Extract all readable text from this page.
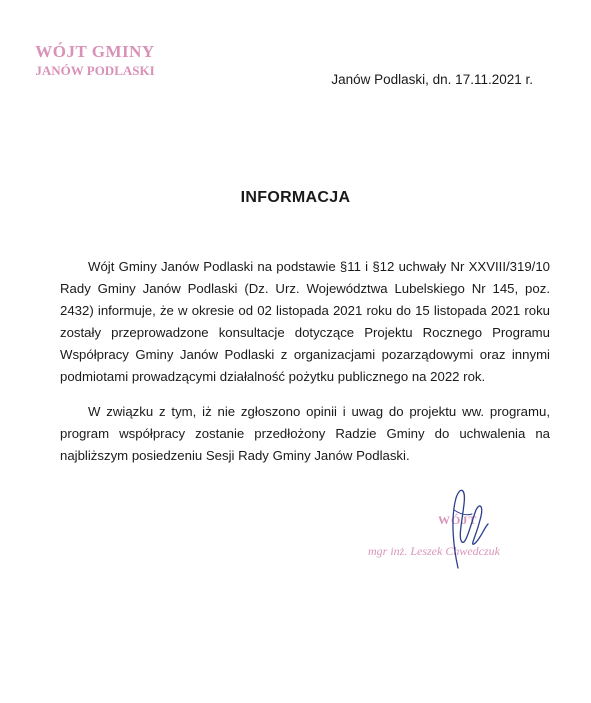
WÓJT GMINY
JANÓW PODLASKI
Janów Podlaski, dn. 17.11.2021 r.
INFORMACJA

Wójt Gminy Janów Podlaski na podstawie §11 i §12 uchwały Nr XXVIII/319/10 Rady Gminy Janów Podlaski (Dz. Urz. Województwa Lubelskiego Nr 145, poz. 2432) informuje, że w okresie od 02 listopada 2021 roku do 15 listopada 2021 roku zostały przeprowadzone konsultacje dotyczące Projektu Rocznego Programu Współpracy Gminy Janów Podlaski z organizacjami pozarządowymi oraz innymi podmiotami prowadzącymi działalność pożytku publicznego na 2022 rok.

W związku z tym, iż nie zgłoszono opinii i uwag do projektu ww. programu, program współpracy zostanie przedłożony Radzie Gminy do uchwalenia na najbliższym posiedzeniu Sesji Rady Gminy Janów Podlaski.

WÓJT
mgr inż. Leszek Chwedczuk
